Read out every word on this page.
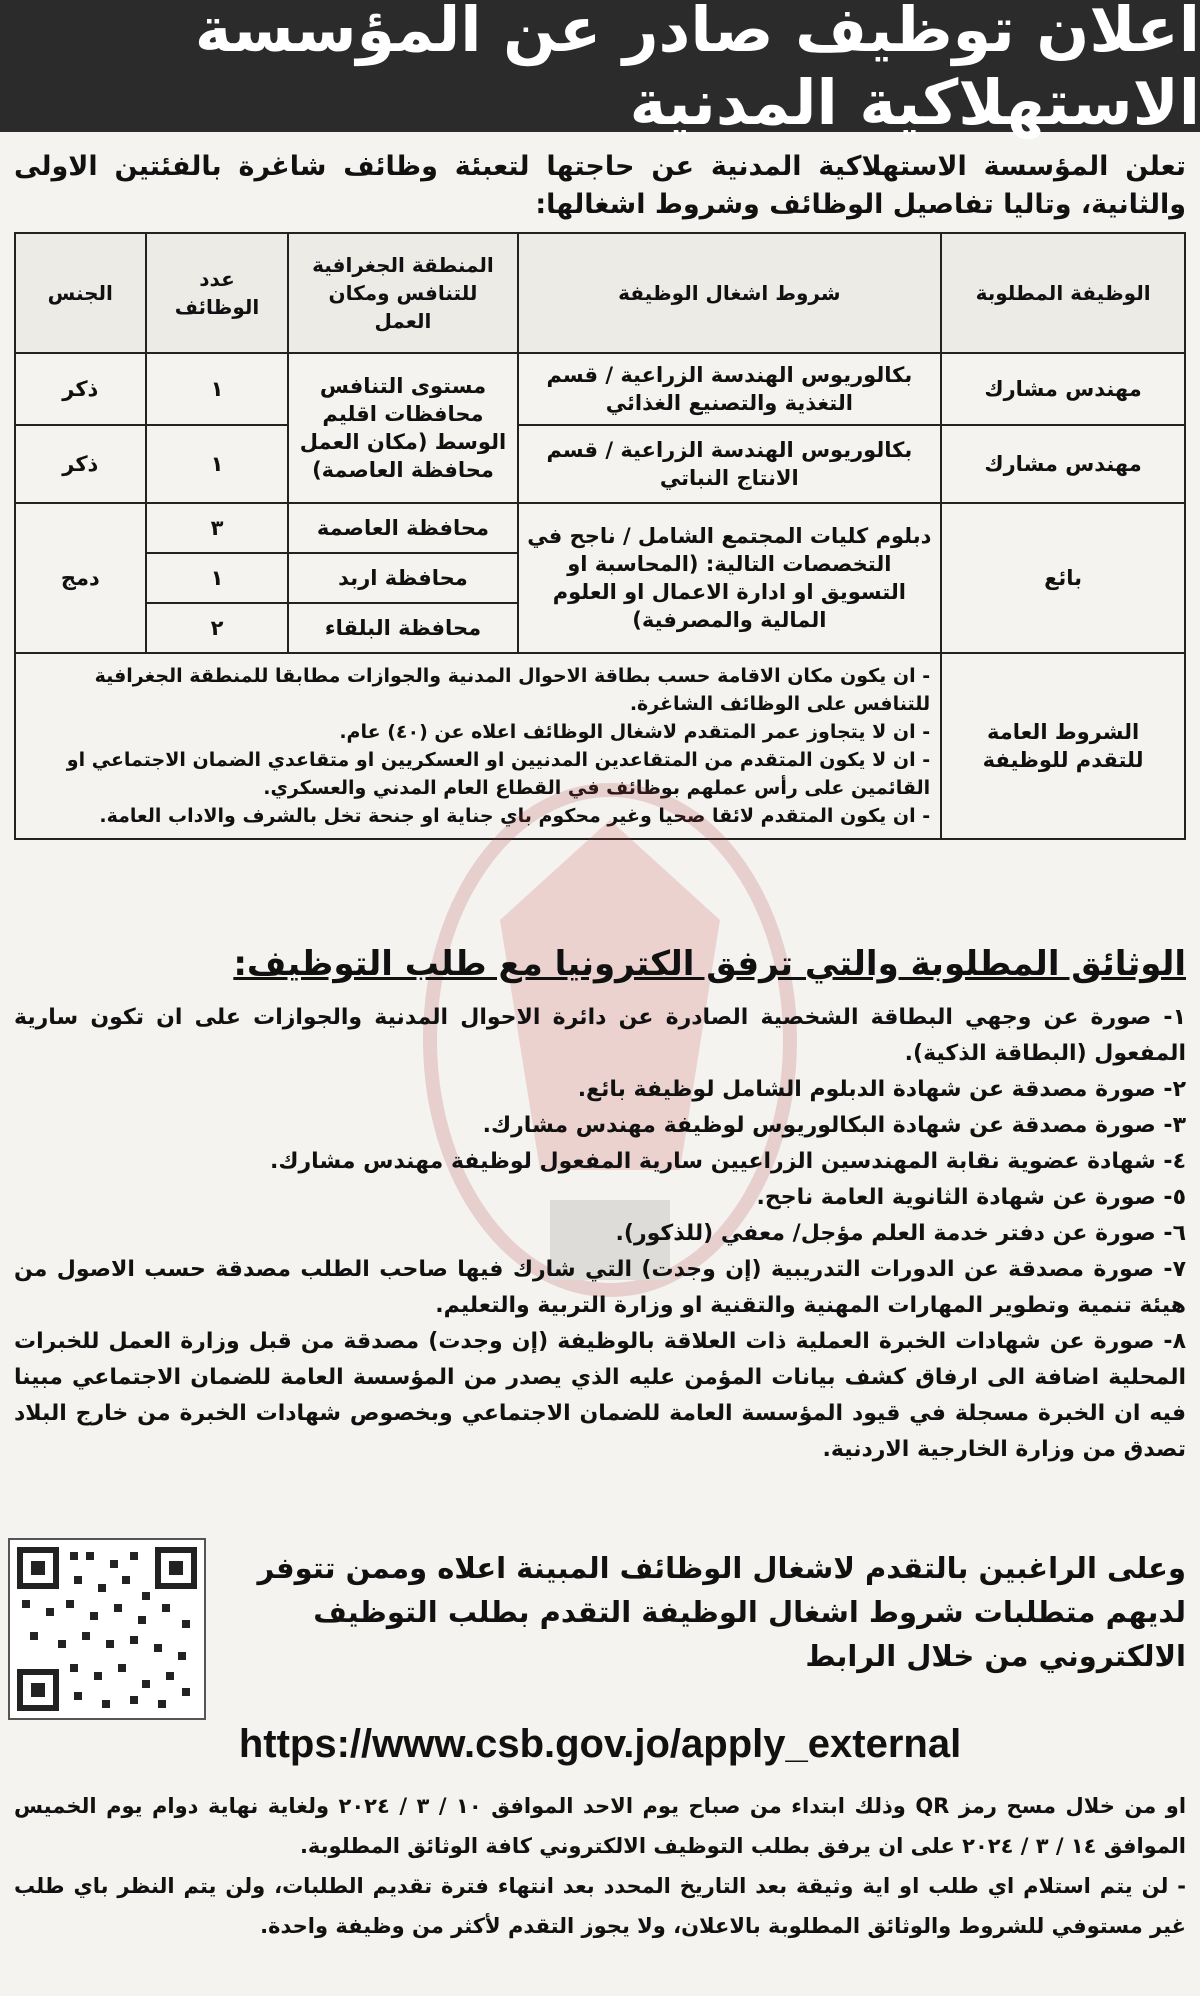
اعلان توظيف صادر عن المؤسسة الاستهلاكية المدنية
تعلن المؤسسة الاستهلاكية المدنية عن حاجتها لتعبئة وظائف شاغرة بالفئتين الاولى والثانية، وتاليا تفاصيل الوظائف وشروط اشغالها:
الوظيفة المطلوبة	شروط اشغال الوظيفة	المنطقة الجغرافية للتنافس ومكان العمل	عدد الوظائف	الجنس
مهندس مشارك	بكالوريوس الهندسة الزراعية / قسم التغذية والتصنيع الغذائي	مستوى التنافس محافظات اقليم الوسط (مكان العمل محافظة العاصمة)	١	ذكر
مهندس مشارك	بكالوريوس الهندسة الزراعية / قسم الانتاج النباتي		١	ذكر
بائع	دبلوم كليات المجتمع الشامل / ناجح في التخصصات التالية: (المحاسبة او التسويق او ادارة الاعمال او العلوم المالية والمصرفية)	محافظة العاصمة	٣	دمج
		محافظة اربد	١	
		محافظة البلقاء	٢	
الشروط العامة للتقدم للوظيفة	- ان يكون مكان الاقامة حسب بطاقة الاحوال المدنية والجوازات مطابقا للمنطقة الجغرافية للتنافس على الوظائف الشاغرة.
- ان لا يتجاوز عمر المتقدم لاشغال الوظائف اعلاه عن (٤٠) عام.
- ان لا يكون المتقدم من المتقاعدين المدنيين او العسكريين او متقاعدي الضمان الاجتماعي او القائمين على رأس عملهم بوظائف في القطاع العام المدني والعسكري.
- ان يكون المتقدم لائقا صحيا وغير محكوم باي جناية او جنحة تخل بالشرف والاداب العامة.			
الوثائق المطلوبة والتي ترفق الكترونيا مع طلب التوظيف:
١- صورة عن وجهي البطاقة الشخصية الصادرة عن دائرة الاحوال المدنية والجوازات على ان تكون سارية المفعول (البطاقة الذكية).
٢- صورة مصدقة عن شهادة الدبلوم الشامل لوظيفة بائع.
٣- صورة مصدقة عن شهادة البكالوريوس لوظيفة مهندس مشارك.
٤- شهادة عضوية نقابة المهندسين الزراعيين سارية المفعول لوظيفة مهندس مشارك.
٥- صورة عن شهادة الثانوية العامة ناجح.
٦- صورة عن دفتر خدمة العلم مؤجل/ معفي (للذكور).
٧- صورة مصدقة عن الدورات التدريبية (إن وجدت) التي شارك فيها صاحب الطلب مصدقة حسب الاصول من هيئة تنمية وتطوير المهارات المهنية والتقنية او وزارة التربية والتعليم.
٨- صورة عن شهادات الخبرة العملية ذات العلاقة بالوظيفة (إن وجدت) مصدقة من قبل وزارة العمل للخبرات المحلية اضافة الى ارفاق كشف بيانات المؤمن عليه الذي يصدر من المؤسسة العامة للضمان الاجتماعي مبينا فيه ان الخبرة مسجلة في قيود المؤسسة العامة للضمان الاجتماعي وبخصوص شهادات الخبرة من خارج البلاد تصدق من وزارة الخارجية الاردنية.
وعلى الراغبين بالتقدم لاشغال الوظائف المبينة اعلاه وممن تتوفر لديهم متطلبات شروط اشغال الوظيفة التقدم بطلب التوظيف الالكتروني من خلال الرابط
https://www.csb.gov.jo/apply_external

او من خلال مسح رمز QR وذلك ابتداء من صباح يوم الاحد الموافق ١٠ / ٣ / ٢٠٢٤ ولغاية نهاية دوام يوم الخميس الموافق ١٤ / ٣ / ٢٠٢٤ على ان يرفق بطلب التوظيف الالكتروني كافة الوثائق المطلوبة.

- لن يتم استلام اي طلب او اية وثيقة بعد التاريخ المحدد بعد انتهاء فترة تقديم الطلبات، ولن يتم النظر باي طلب غير مستوفي للشروط والوثائق المطلوبة بالاعلان، ولا يجوز التقدم لأكثر من وظيفة واحدة.
